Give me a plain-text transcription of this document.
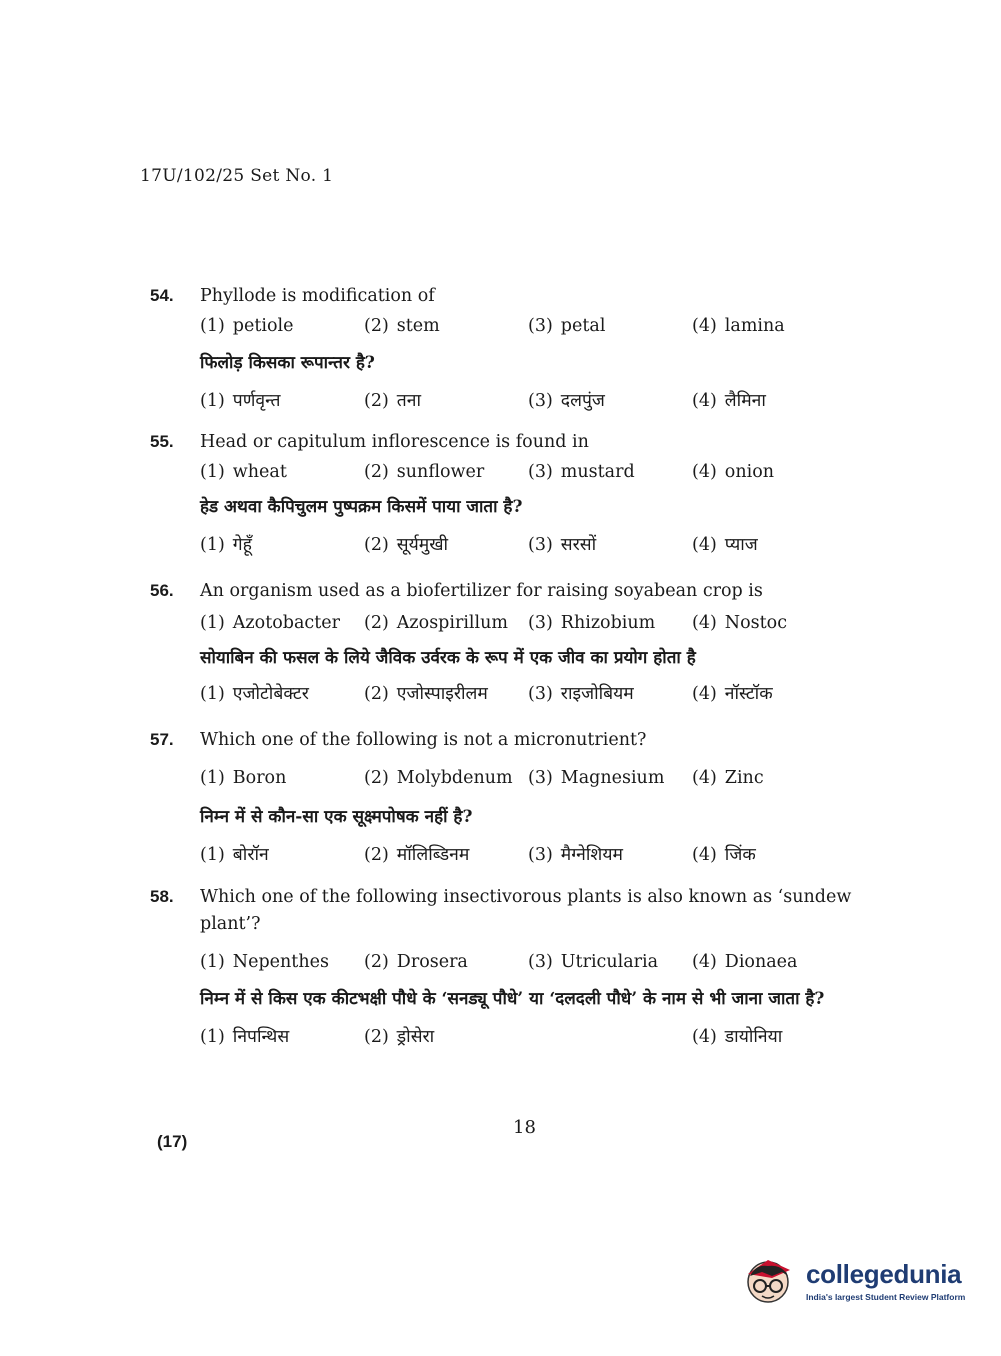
17U/102/25 Set No. 1
54.	Phyllode is modification of
(1) petiole	(2) stem	(3) petal	(4) lamina
फिलोड़ किसका रूपान्तर है?
(1) पर्णवृन्त	(2) तना	(3) दलपुंज	(4) लैमिना
55.	Head or capitulum inflorescence is found in
(1) wheat	(2) sunflower	(3) mustard	(4) onion
हेड अथवा कैपिचुलम पुष्पक्रम किसमें पाया जाता है?
(1) गेहूँ	(2) सूर्यमुखी	(3) सरसों	(4) प्याज
56.	An organism used as a biofertilizer for raising soyabean crop is
(1) Azotobacter	(2) Azospirillum	(3) Rhizobium	(4) Nostoc
सोयाबिन की फसल के लिये जैविक उर्वरक के रूप में एक जीव का प्रयोग होता है
(1) एजोटोबेक्टर	(2) एजोस्पाइरीलम	(3) राइजोबियम	(4) नॉस्टॉक
57.	Which one of the following is not a micronutrient?
(1) Boron	(2) Molybdenum (3) Magnesium	(4) Zinc
निम्न में से कौन-सा एक सूक्ष्मपोषक नहीं है?
(1) बोरॉन	(2) मॉलिब्डिनम	(3) मैग्नेशियम	(4) जिंक
58.	Which one of the following insectivorous plants is also known as ‘sundew plant’?
(1) Nepenthes	(2) Drosera	(3) Utricularia	(4) Dionaea
निम्न में से किस एक कीटभक्षी पौधे के ‘सनड्यू पौधे’ या ‘दलदली पौधे’ के नाम से भी जाना जाता है?
(1) निपन्थिस	(2) ड्रोसेरा	(4) डायोनिया
18
(17)
collegedunia
India's largest Student Review Platform
